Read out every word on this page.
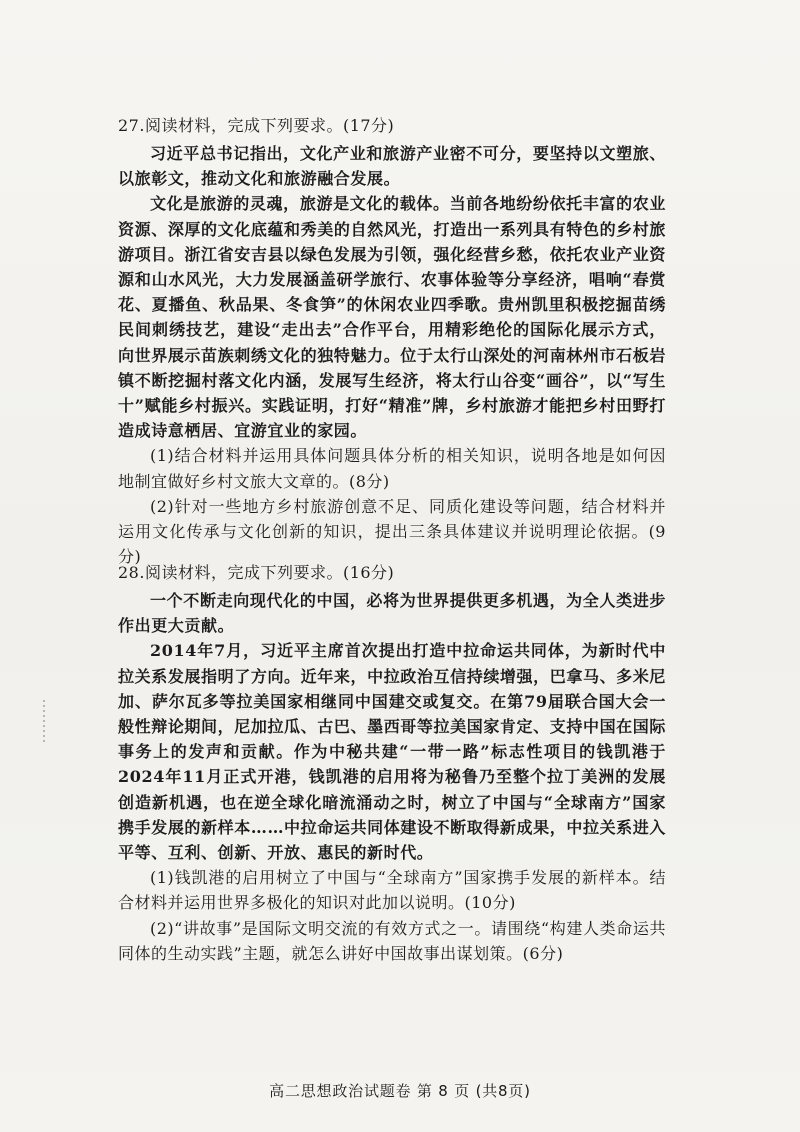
27.阅读材料，完成下列要求。(17分)

习近平总书记指出，文化产业和旅游产业密不可分，要坚持以文塑旅、以旅彰文，推动文化和旅游融合发展。

文化是旅游的灵魂，旅游是文化的载体。当前各地纷纷依托丰富的农业资源、深厚的文化底蕴和秀美的自然风光，打造出一系列具有特色的乡村旅游项目。浙江省安吉县以绿色发展为引领，强化经营乡愁，依托农业产业资源和山水风光，大力发展涵盖研学旅行、农事体验等分享经济，唱响“春赏花、夏播鱼、秋品果、冬食笋”的休闲农业四季歌。贵州凯里积极挖掘苗绣民间刺绣技艺，建设“走出去”合作平台，用精彩绝伦的国际化展示方式，向世界展示苗族刺绣文化的独特魅力。位于太行山深处的河南林州市石板岩镇不断挖掘村落文化内涵，发展写生经济，将太行山谷变“画谷”，以“写生十”赋能乡村振兴。实践证明，打好“精准”牌，乡村旅游才能把乡村田野打造成诗意栖居、宜游宜业的家园。

(1)结合材料并运用具体问题具体分析的相关知识，说明各地是如何因地制宜做好乡村文旅大文章的。(8分)

(2)针对一些地方乡村旅游创意不足、同质化建设等问题，结合材料并运用文化传承与文化创新的知识，提出三条具体建议并说明理论依据。(9分)

28.阅读材料，完成下列要求。(16分)

一个不断走向现代化的中国，必将为世界提供更多机遇，为全人类进步作出更大贡献。

2014年7月，习近平主席首次提出打造中拉命运共同体，为新时代中拉关系发展指明了方向。近年来，中拉政治互信持续增强，巴拿马、多米尼加、萨尔瓦多等拉美国家相继同中国建交或复交。在第79届联合国大会一般性辩论期间，尼加拉瓜、古巴、墨西哥等拉美国家肯定、支持中国在国际事务上的发声和贡献。作为中秘共建“一带一路”标志性项目的钱凯港于2024年11月正式开港，钱凯港的启用将为秘鲁乃至整个拉丁美洲的发展创造新机遇，也在逆全球化暗流涌动之时，树立了中国与“全球南方”国家携手发展的新样本……中拉命运共同体建设不断取得新成果，中拉关系进入平等、互利、创新、开放、惠民的新时代。

(1)钱凯港的启用树立了中国与“全球南方”国家携手发展的新样本。结合材料并运用世界多极化的知识对此加以说明。(10分)

(2)“讲故事”是国际文明交流的有效方式之一。请围绕“构建人类命运共同体的生动实践”主题，就怎么讲好中国故事出谋划策。(6分)

高二思想政治试题卷 第 8 页 (共8页)
